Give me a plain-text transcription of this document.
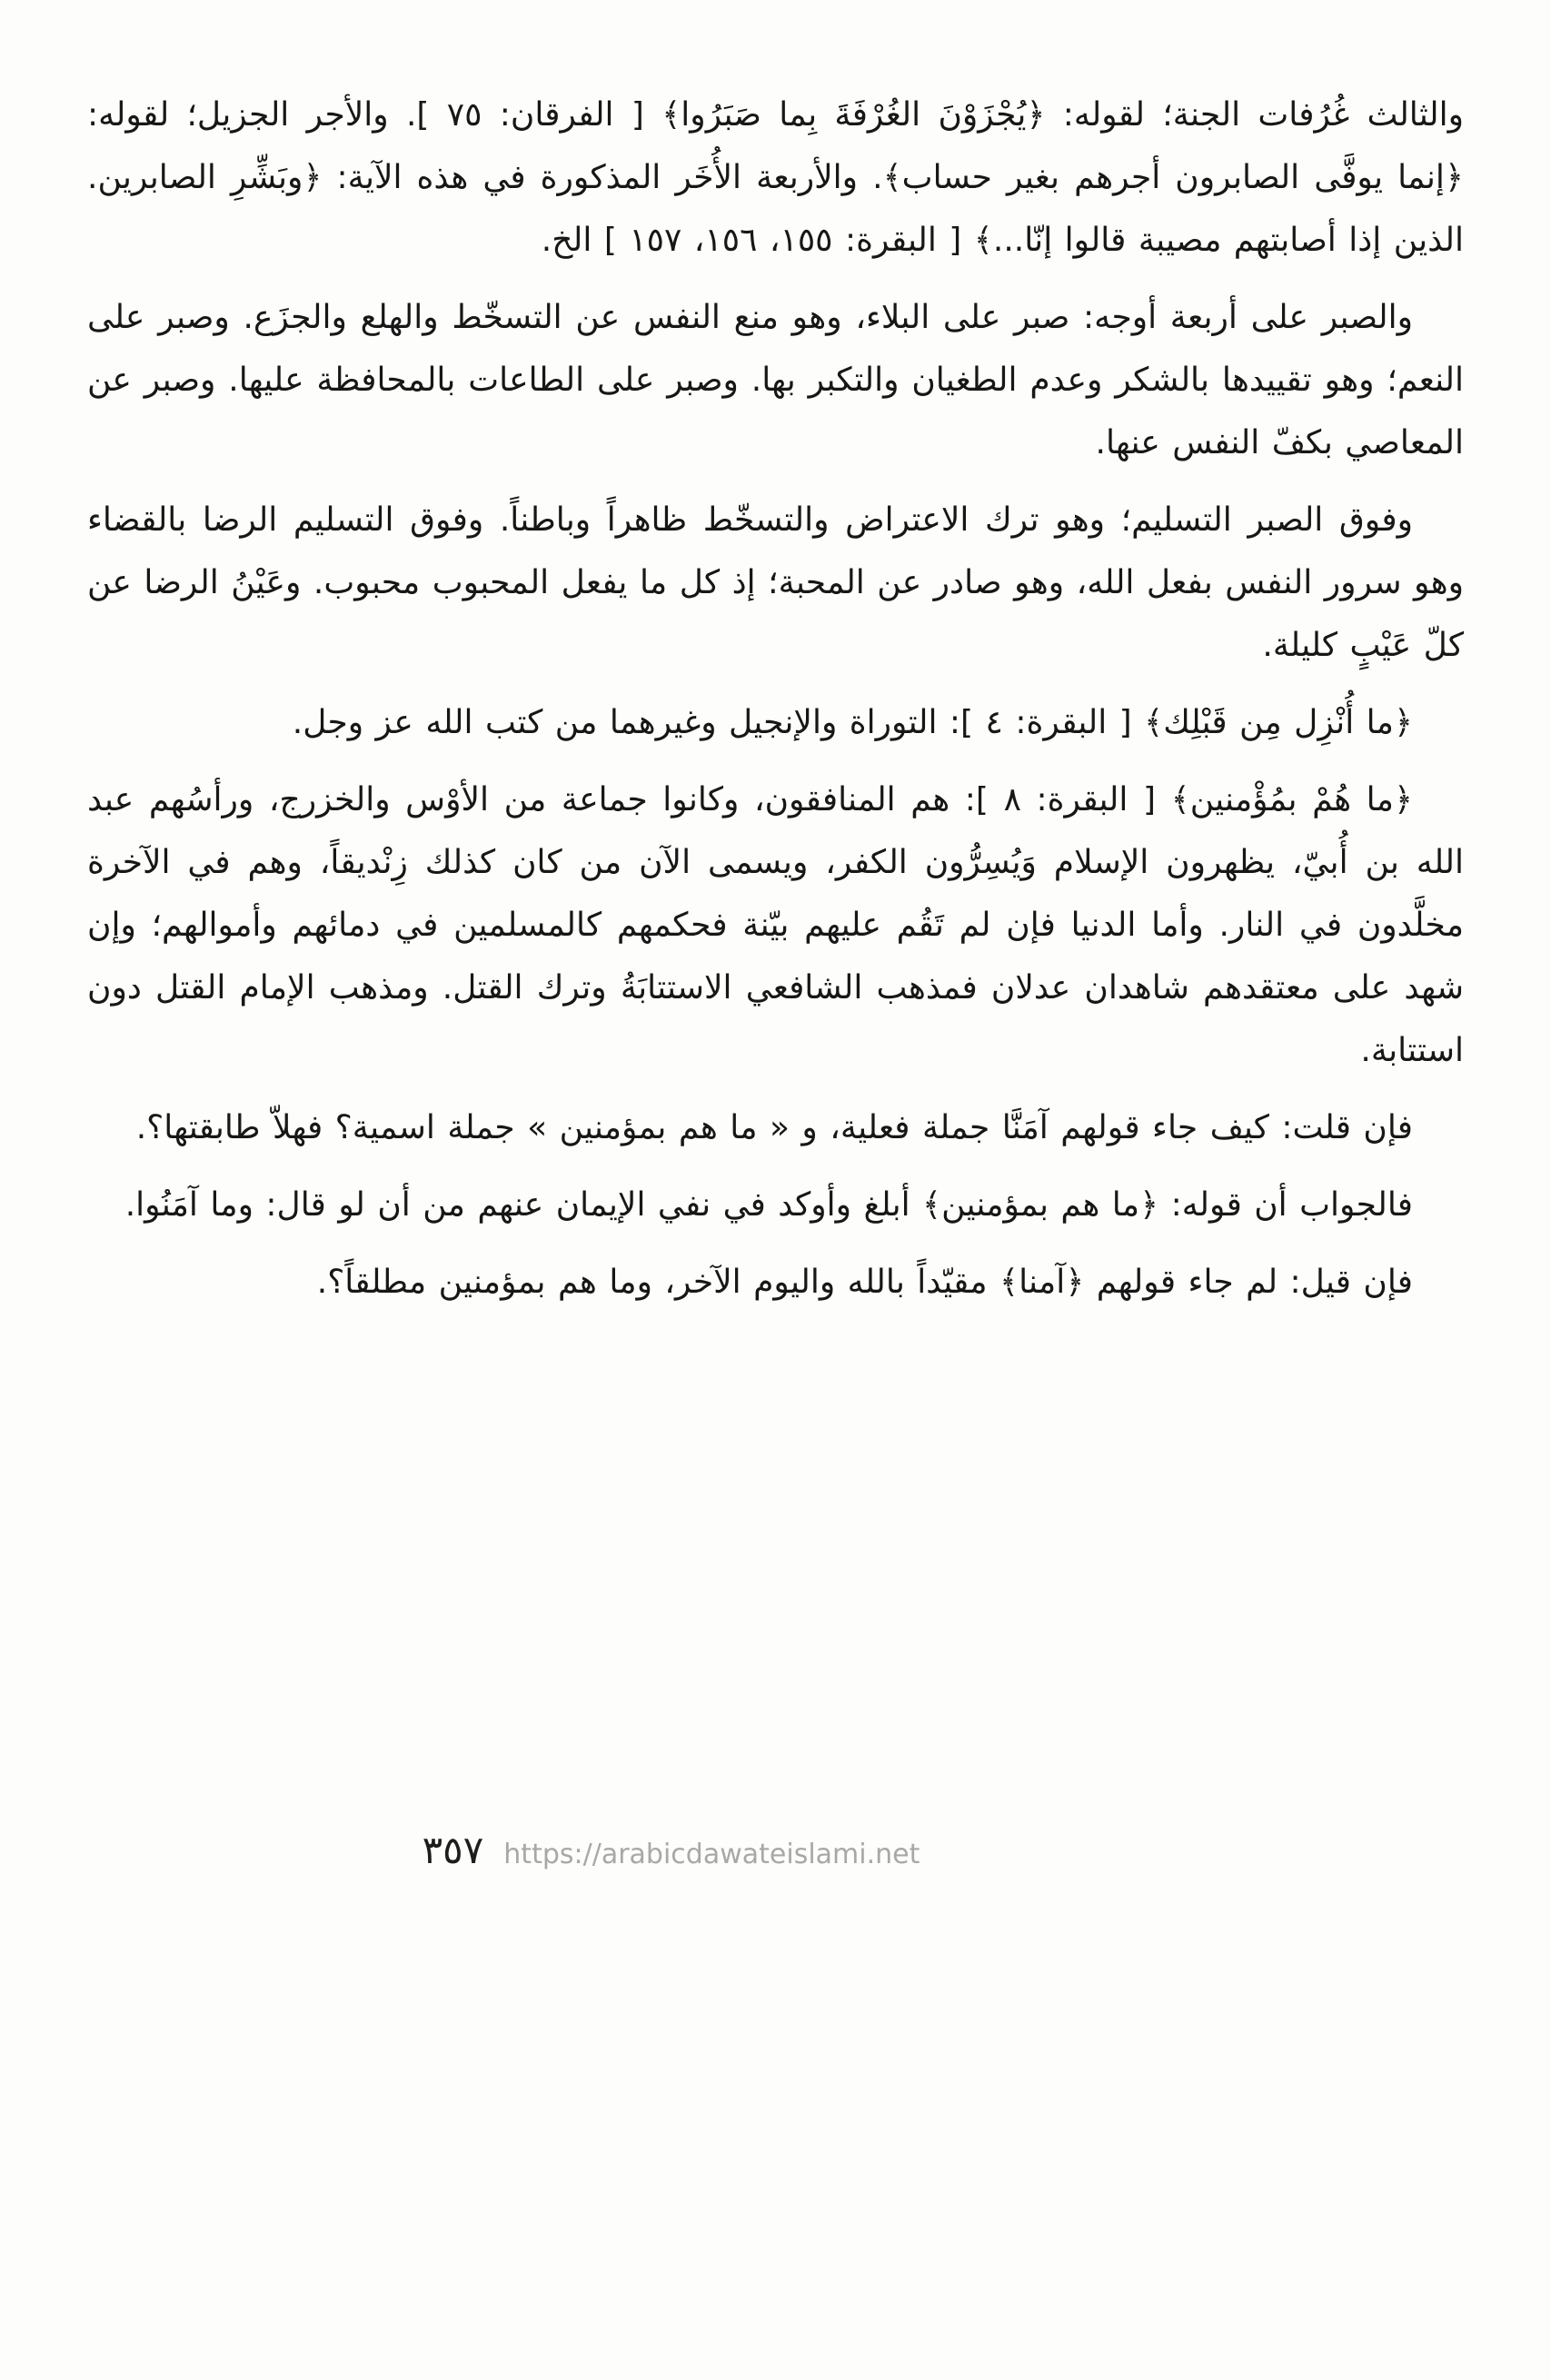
والثالث غُرُفات الجنة؛ لقوله: ﴿يُجْزَوْنَ الغُرْفَةَ بِما صَبَرُوا﴾ [ الفرقان: ٧٥ ]. والأجر الجزيل؛ لقوله: ﴿إنما يوفَّى الصابرون أجرهم بغير حساب﴾. والأربعة الأُخَر المذكورة في هذه الآية: ﴿وبَشِّرِ الصابرين. الذين إذا أصابتهم مصيبة قالوا إنّا...﴾ [ البقرة: ١٥٥، ١٥٦، ١٥٧ ] الخ.

والصبر على أربعة أوجه: صبر على البلاء، وهو منع النفس عن التسخّط والهلع والجزَع. وصبر على النعم؛ وهو تقييدها بالشكر وعدم الطغيان والتكبر بها. وصبر على الطاعات بالمحافظة عليها. وصبر عن المعاصي بكفّ النفس عنها.

وفوق الصبر التسليم؛ وهو ترك الاعتراض والتسخّط ظاهراً وباطناً. وفوق التسليم الرضا بالقضاء وهو سرور النفس بفعل الله، وهو صادر عن المحبة؛ إذ كل ما يفعل المحبوب محبوب. وعَيْنُ الرضا عن كلّ عَيْبٍ كليلة.

﴿ما أُنْزِل مِن قَبْلِك﴾ [ البقرة: ٤ ]: التوراة والإنجيل وغيرهما من كتب الله عز وجل.

﴿ما هُمْ بمُؤْمنين﴾ [ البقرة: ٨ ]: هم المنافقون، وكانوا جماعة من الأوْس والخزرج، ورأسُهم عبد الله بن أُبيّ، يظهرون الإسلام وَيُسِرُّون الكفر، ويسمى الآن من كان كذلك زِنْديقاً، وهم في الآخرة مخلَّدون في النار. وأما الدنيا فإن لم تَقُم عليهم بيّنة فحكمهم كالمسلمين في دمائهم وأموالهم؛ وإن شهد على معتقدهم شاهدان عدلان فمذهب الشافعي الاستتابَةُ وترك القتل. ومذهب الإمام القتل دون استتابة.

فإن قلت: كيف جاء قولهم آمَنَّا جملة فعلية، و « ما هم بمؤمنين » جملة اسمية؟ فهلاّ طابقتها؟.

فالجواب أن قوله: ﴿ما هم بمؤمنين﴾ أبلغ وأوكد في نفي الإيمان عنهم من أن لو قال: وما آمَنُوا.

فإن قيل: لم جاء قولهم ﴿آمنا﴾ مقيّداً بالله واليوم الآخر، وما هم بمؤمنين مطلقاً؟.

٣٥٧ https://arabicdawateislami.net
